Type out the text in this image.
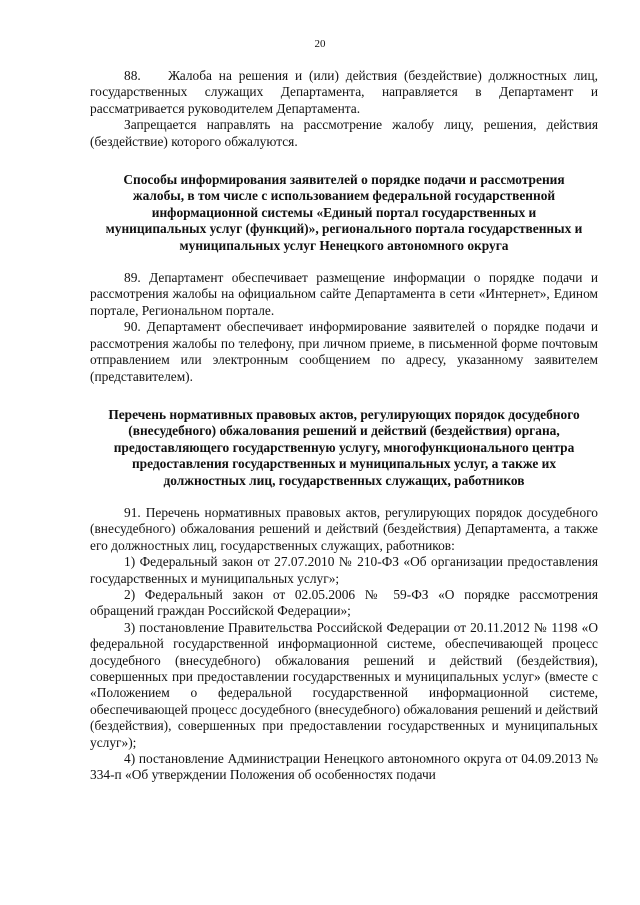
20

88.    Жалоба на решения и (или) действия (бездействие) должностных лиц, государственных служащих Департамента, направляется в Департамент и рассматривается руководителем Департамента.

Запрещается направлять на рассмотрение жалобу лицу, решения, действия (бездействие) которого обжалуются.

Способы информирования заявителей о порядке подачи и рассмотрения жалобы, в том числе с использованием федеральной государственной информационной системы «Единый портал государственных и муниципальных услуг (функций)», регионального портала государственных и муниципальных услуг Ненецкого автономного округа

89. Департамент обеспечивает размещение информации о порядке подачи и рассмотрения жалобы на официальном сайте Департамента в сети «Интернет», Едином портале, Региональном портале.

90. Департамент обеспечивает информирование заявителей о порядке подачи и рассмотрения жалобы по телефону, при личном приеме, в письменной форме почтовым отправлением или электронным сообщением по адресу, указанному заявителем (представителем).

Перечень нормативных правовых актов, регулирующих порядок досудебного (внесудебного) обжалования решений и действий (бездействия) органа, предоставляющего государственную услугу, многофункционального центра предоставления государственных и муниципальных услуг, а также их должностных лиц, государственных служащих, работников

91. Перечень нормативных правовых актов, регулирующих порядок досудебного (внесудебного) обжалования решений и действий (бездействия) Департамента, а также его должностных лиц, государственных служащих, работников:

1) Федеральный закон от 27.07.2010 № 210-ФЗ «Об организации предоставления государственных и муниципальных услуг»;

2) Федеральный закон от 02.05.2006 № 59-ФЗ «О порядке рассмотрения обращений граждан Российской Федерации»;

3) постановление Правительства Российской Федерации от 20.11.2012 № 1198 «О федеральной государственной информационной системе, обеспечивающей процесс досудебного (внесудебного) обжалования решений и действий (бездействия), совершенных при предоставлении государственных и муниципальных услуг» (вместе с «Положением о федеральной государственной информационной системе, обеспечивающей процесс досудебного (внесудебного) обжалования решений и действий (бездействия), совершенных при предоставлении государственных и муниципальных услуг»);

4) постановление Администрации Ненецкого автономного округа от 04.09.2013 № 334-п «Об утверждении Положения об особенностях подачи
